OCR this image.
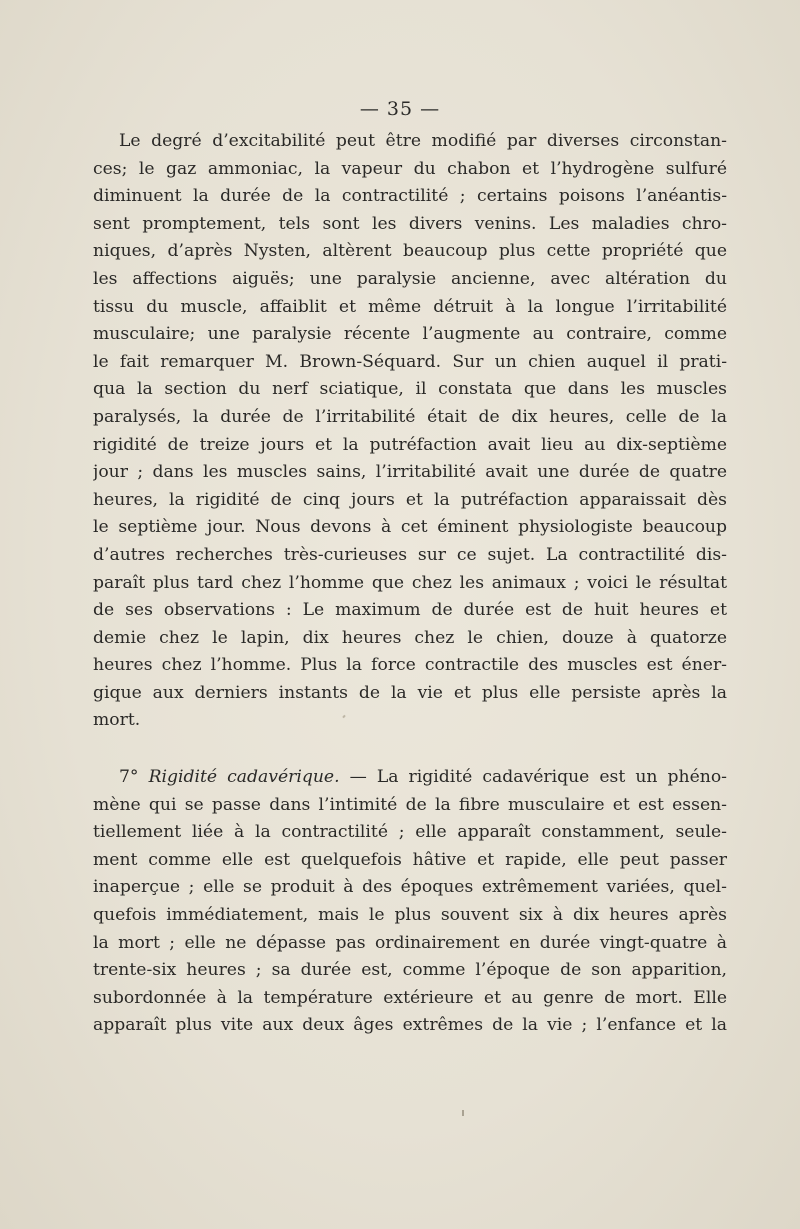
— 35 —
Le degré d’excitabilité peut être modifié par diverses circonstan-
ces; le gaz ammoniac, la vapeur du chabon et l’hydrogène sulfuré
diminuent la durée de la contractilité ; certains poisons l’anéantis-
sent promptement, tels sont les divers venins. Les maladies chro-
niques, d’après Nysten, altèrent beaucoup plus cette propriété que
les affections aiguës; une paralysie ancienne, avec altération du
tissu du muscle, affaiblit et même détruit à la longue l’irritabilité
musculaire; une paralysie récente l’augmente au contraire, comme
le fait remarquer M. Brown-Séquard. Sur un chien auquel il prati-
qua la section du nerf sciatique, il constata que dans les muscles
paralysés, la durée de l’irritabilité était de dix heures, celle de la
rigidité de treize jours et la putréfaction avait lieu au dix-septième
jour ; dans les muscles sains, l’irritabilité avait une durée de quatre
heures, la rigidité de cinq jours et la putréfaction apparaissait dès
le septième jour. Nous devons à cet éminent physiologiste beaucoup
d’autres recherches très-curieuses sur ce sujet. La contractilité dis-
paraît plus tard chez l’homme que chez les animaux ; voici le résultat
de ses observations : Le maximum de durée est de huit heures et
demie chez le lapin, dix heures chez le chien, douze à quatorze
heures chez l’homme. Plus la force contractile des muscles est éner-
gique aux derniers instants de la vie et plus elle persiste après la
mort.
7° Rigidité cadavérique. — La rigidité cadavérique est un phéno-
mène qui se passe dans l’intimité de la fibre musculaire et est essen-
tiellement liée à la contractilité ; elle apparaît constamment, seule-
ment comme elle est quelquefois hâtive et rapide, elle peut passer
inaperçue ; elle se produit à des époques extrêmement variées, quel-
quefois immédiatement, mais le plus souvent six à dix heures après
la mort ; elle ne dépasse pas ordinairement en durée vingt-quatre à
trente-six heures ; sa durée est, comme l’époque de son apparition,
subordonnée à la température extérieure et au genre de mort. Elle
apparaît plus vite aux deux âges extrêmes de la vie ; l’enfance et la
